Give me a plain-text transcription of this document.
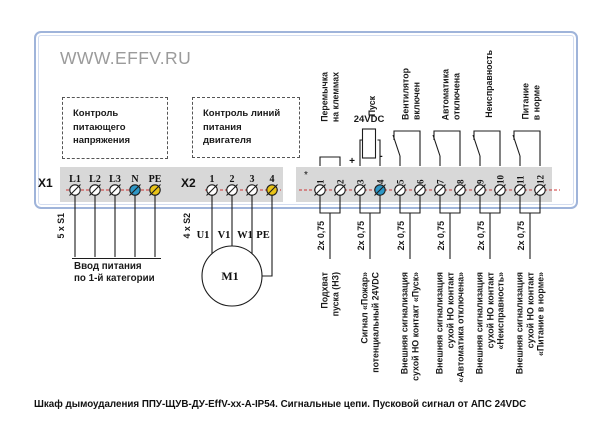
WWW.EFFV.RU
Контроль
питающего
напряжения
Контроль линий
питания
двигателя
+ -
M1
U1 V1 W1 PE
X1	X2
*
L1 L2 L3 N PE	1 2 3 4	1 2 3 4 5 6 7 8 9 10 11 12
Перемычка на клеммах	Пуск
24VDC Вентилятор включен Автоматика отключена	Неисправность	Питание в норме
5 x S1	4 x S2
Ввод питания
по 1-й категории
2х 0,75	2х 0,75	2х 0,75	2х 0,75	2х 0,75	2х 0,75
Подхват пуска (НЗ) Сигнал «Пожар» потенциальный 24VDC Внешняя сигнализация сухой НО контакт «Пуск» Внешняя сигнализация сухой НО контакт «Автоматика отключена» Внешняя сигнализация сухой НО контакт «Неисправность» Внешняя сигнализация сухой НО контакт «Питание в норме»
Шкаф дымоудаления ППУ-ЩУВ-ДУ-EffV-xx-A-IP54. Сигнальные цепи. Пусковой сигнал от АПС 24VDC
